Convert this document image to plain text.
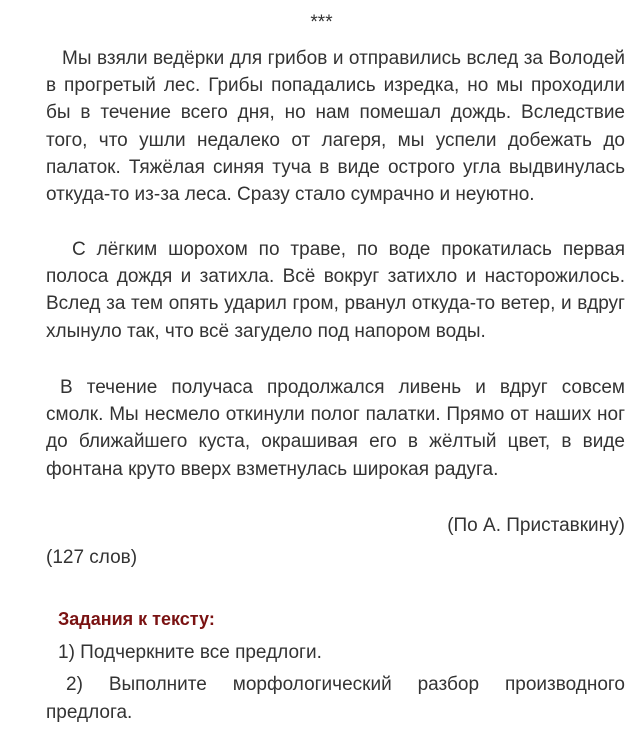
***

Мы взяли ведёрки для грибов и отправились вслед за Володей в прогретый лес. Грибы попадались изредка, но мы проходили бы в течение всего дня, но нам помешал дождь. Вследствие того, что ушли недалеко от лагеря, мы успели добежать до палаток. Тяжёлая синяя туча в виде острого угла выдвинулась откуда-то из-за леса. Сразу стало сумрачно и неуютно.

С лёгким шорохом по траве, по воде прокатилась первая полоса дождя и затихла. Всё вокруг затихло и насторожилось. Вслед за тем опять ударил гром, рванул откуда-то ветер, и вдруг хлынуло так, что всё загудело под напором воды.

В течение получаса продолжался ливень и вдруг совсем смолк. Мы несмело откинули полог палатки. Прямо от наших ног до ближайшего куста, окрашивая его в жёлтый цвет, в виде фонтана круто вверх взметнулась широкая радуга.

(По А. Приставкину)
(127 слов)
Задания к тексту:
1) Подчеркните все предлоги.

2) Выполните морфологический разбор производного предлога.
